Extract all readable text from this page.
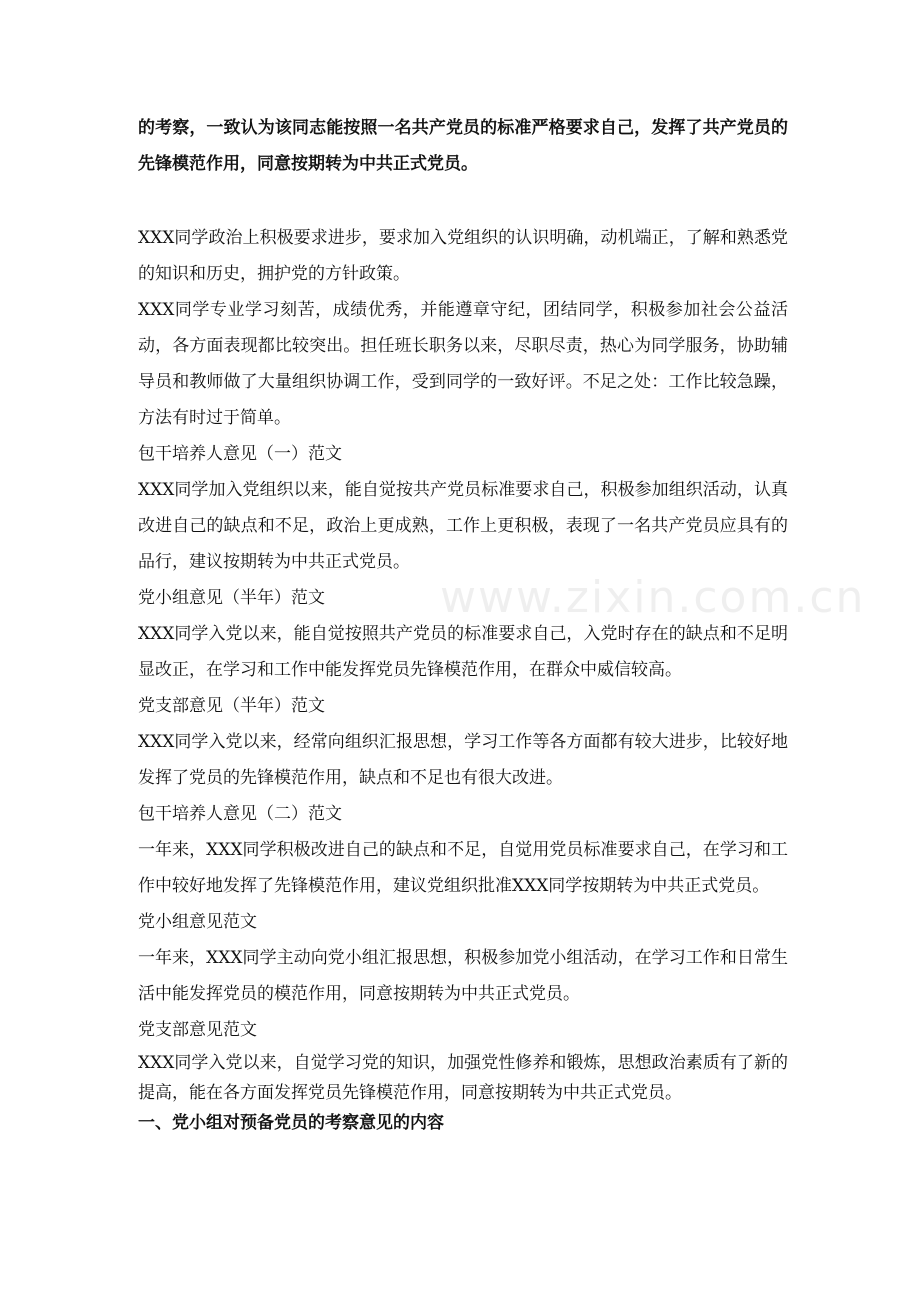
www.zixin.com.cn

的考察，一致认为该同志能按照一名共产党员的标准严格要求自己，发挥了共产党员的先锋模范作用，同意按期转为中共正式党员。

XXX同学政治上积极要求进步，要求加入党组织的认识明确，动机端正，了解和熟悉党的知识和历史，拥护党的方针政策。

XXX同学专业学习刻苦，成绩优秀，并能遵章守纪，团结同学，积极参加社会公益活动，各方面表现都比较突出。担任班长职务以来，尽职尽责，热心为同学服务，协助辅导员和教师做了大量组织协调工作，受到同学的一致好评。不足之处：工作比较急躁，方法有时过于简单。

包干培养人意见（一）范文

XXX同学加入党组织以来，能自觉按共产党员标准要求自己，积极参加组织活动，认真改进自己的缺点和不足，政治上更成熟，工作上更积极，表现了一名共产党员应具有的品行，建议按期转为中共正式党员。

党小组意见（半年）范文

XXX同学入党以来，能自觉按照共产党员的标准要求自己，入党时存在的缺点和不足明显改正，在学习和工作中能发挥党员先锋模范作用，在群众中威信较高。

党支部意见（半年）范文

XXX同学入党以来，经常向组织汇报思想，学习工作等各方面都有较大进步，比较好地发挥了党员的先锋模范作用，缺点和不足也有很大改进。

包干培养人意见（二）范文

一年来，XXX同学积极改进自己的缺点和不足，自觉用党员标准要求自己，在学习和工作中较好地发挥了先锋模范作用，建议党组织批准XXX同学按期转为中共正式党员。

党小组意见范文

一年来，XXX同学主动向党小组汇报思想，积极参加党小组活动，在学习工作和日常生活中能发挥党员的模范作用，同意按期转为中共正式党员。

党支部意见范文

XXX同学入党以来，自觉学习党的知识，加强党性修养和锻炼，思想政治素质有了新的提高，能在各方面发挥党员先锋模范作用，同意按期转为中共正式党员。

一、党小组对预备党员的考察意见的内容
